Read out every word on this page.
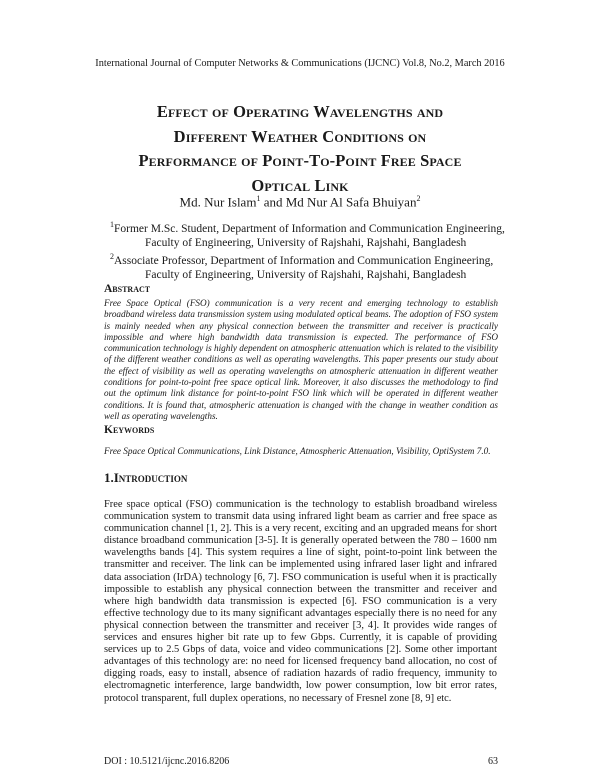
International Journal of Computer Networks & Communications (IJCNC) Vol.8, No.2, March 2016
Effect of Operating Wavelengths and
Different Weather Conditions on
Performance of Point-To-Point Free Space
Optical Link
Md. Nur Islam$^1$ and Md Nur Al Safa Bhuiyan$^2$
$^1$Former M.Sc. Student, Department of Information and Communication Engineering,
Faculty of Engineering, University of Rajshahi, Rajshahi, Bangladesh
$^2$Associate Professor, Department of Information and Communication Engineering,
Faculty of Engineering, University of Rajshahi, Rajshahi, Bangladesh
Abstract
Free Space Optical (FSO) communication is a very recent and emerging technology to establish broadband wireless data transmission system using modulated optical beams. The adoption of FSO system is mainly needed when any physical connection between the transmitter and receiver is practically impossible and where high bandwidth data transmission is expected. The performance of FSO communication technology is highly dependent on atmospheric attenuation which is related to the visibility of the different weather conditions as well as operating wavelengths. This paper presents our study about the effect of visibility as well as operating wavelengths on atmospheric attenuation in different weather conditions for point-to-point free space optical link. Moreover, it also discusses the methodology to find out the optimum link distance for point-to-point FSO link which will be operated in different weather conditions. It is found that, atmospheric attenuation is changed with the change in weather condition as well as operating wavelengths.
Keywords
Free Space Optical Communications, Link Distance, Atmospheric Attenuation, Visibility, OptiSystem 7.0.
1.Introduction
Free space optical (FSO) communication is the technology to establish broadband wireless communication system to transmit data using infrared light beam as carrier and free space as communication channel [1, 2]. This is a very recent, exciting and an upgraded means for short distance broadband communication [3-5]. It is generally operated between the 780 – 1600 nm wavelengths bands [4]. This system requires a line of sight, point-to-point link between the transmitter and receiver. The link can be implemented using infrared laser light and infrared data association (IrDA) technology [6, 7]. FSO communication is useful when it is practically impossible to establish any physical connection between the transmitter and receiver and where high bandwidth data transmission is expected [6]. FSO communication is a very effective technology due to its many significant advantages especially there is no need for any physical connection between the transmitter and receiver [3, 4]. It provides wide ranges of services and ensures higher bit rate up to few Gbps. Currently, it is capable of providing services up to 2.5 Gbps of data, voice and video communications [2]. Some other important advantages of this technology are: no need for licensed frequency band allocation, no cost of digging roads, easy to install, absence of radiation hazards of radio frequency, immunity to electromagnetic interference, large bandwidth, low power consumption, low bit error rates, protocol transparent, full duplex operations, no necessary of Fresnel zone [8, 9] etc.
DOI : 10.5121/ijcnc.2016.8206	63
